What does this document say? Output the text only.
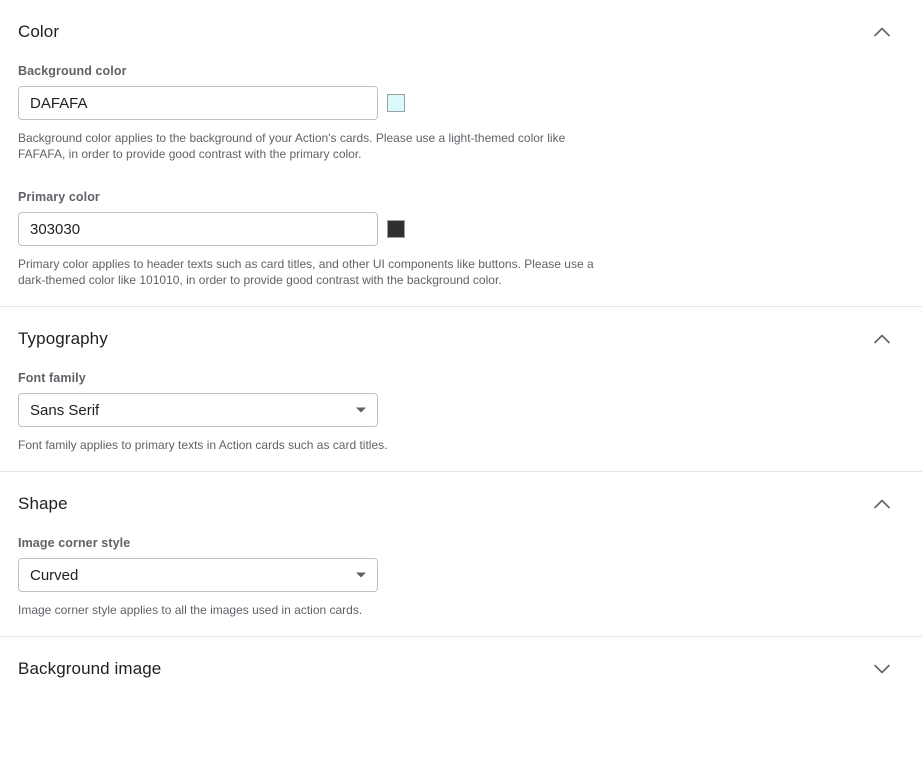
Color
Background color
DAFAFA
Background color applies to the background of your Action's cards. Please use a light-themed color like FAFAFA, in order to provide good contrast with the primary color.
Primary color
303030
Primary color applies to header texts such as card titles, and other UI components like buttons. Please use a dark-themed color like 101010, in order to provide good contrast with the background color.
Typography
Font family
Sans Serif
Font family applies to primary texts in Action cards such as card titles.
Shape
Image corner style
Curved
Image corner style applies to all the images used in action cards.
Background image
